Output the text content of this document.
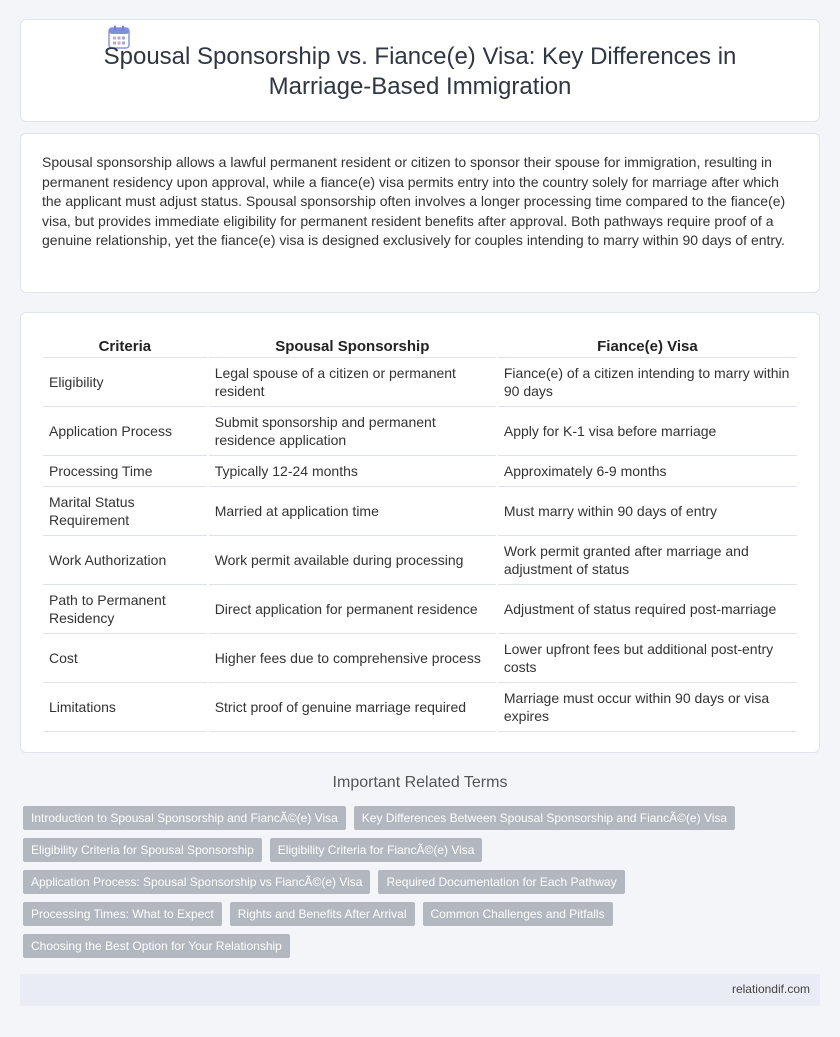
Spousal Sponsorship vs. Fiance(e) Visa: Key Differences in
Marriage-Based Immigration

Spousal sponsorship allows a lawful permanent resident or citizen to sponsor their spouse for immigration, resulting in permanent residency upon approval, while a fiance(e) visa permits entry into the country solely for marriage after which the applicant must adjust status. Spousal sponsorship often involves a longer processing time compared to the fiance(e) visa, but provides immediate eligibility for permanent resident benefits after approval. Both pathways require proof of a genuine relationship, yet the fiance(e) visa is designed exclusively for couples intending to marry within 90 days of entry.

Criteria	Spousal Sponsorship	Fiance(e) Visa
Eligibility	Legal spouse of a citizen or permanent resident	Fiance(e) of a citizen intending to marry within 90 days
Application Process	Submit sponsorship and permanent residence application	Apply for K-1 visa before marriage
Processing Time	Typically 12-24 months	Approximately 6-9 months
Marital Status Requirement	Married at application time	Must marry within 90 days of entry
Work Authorization	Work permit available during processing	Work permit granted after marriage and adjustment of status
Path to Permanent Residency	Direct application for permanent residence	Adjustment of status required post-marriage
Cost	Higher fees due to comprehensive process	Lower upfront fees but additional post-entry costs
Limitations	Strict proof of genuine marriage required	Marriage must occur within 90 days or visa expires
Important Related Terms
Introduction to Spousal Sponsorship and FiancÃ©(e) Visa	Key Differences Between Spousal Sponsorship and FiancÃ©(e) Visa
Eligibility Criteria for Spousal Sponsorship	Eligibility Criteria for FiancÃ©(e) Visa
Application Process: Spousal Sponsorship vs FiancÃ©(e) Visa	Required Documentation for Each Pathway
Processing Times: What to Expect	Rights and Benefits After Arrival	Common Challenges and Pitfalls
Choosing the Best Option for Your Relationship
relationdif.com
